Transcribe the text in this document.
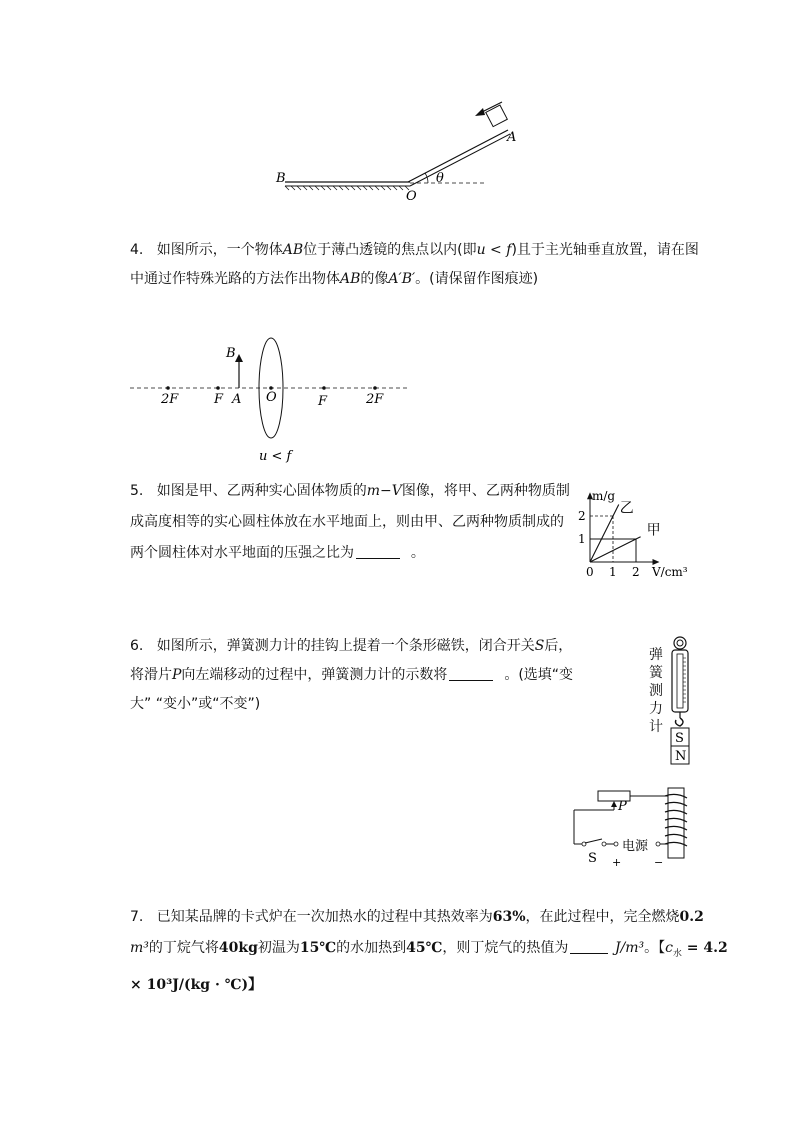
B
A
O
θ
4. 如图所示，一个物体AB位于薄凸透镜的焦点以内(即u < f)且于主光轴垂直放置，请在图
中通过作特殊光路的方法作出物体AB的像A′B′。(请保留作图痕迹)
B
2F	F A O	F	2F
u < f
5. 如图是甲、乙两种实心固体物质的m−V图像，将甲、乙两种物质制
成高度相等的实心圆柱体放在水平地面上，则由甲、乙两种物质制成的
两个圆柱体对水平地面的压强之比为	。
乙
甲
0 1 2
1
2
m/g
V/cm³
6. 如图所示，弹簧测力计的挂钩上提着一个条形磁铁，闭合开关S后，
将滑片P向左端移动的过程中，弹簧测力计的示数将	。(选填“变
大” “变小”或“不变”)
弹
簧
测
力
计
S
N
P
S
电源
+	−
7. 已知某品牌的卡式炉在一次加热水的过程中其热效率为63%，在此过程中，完全燃烧0.2
m³的丁烷气将40kg初温为15℃的水加热到45℃，则丁烷气的热值为	J/m³。【$c_水 = 4.2$
× 10³J/(kg · ℃)】
